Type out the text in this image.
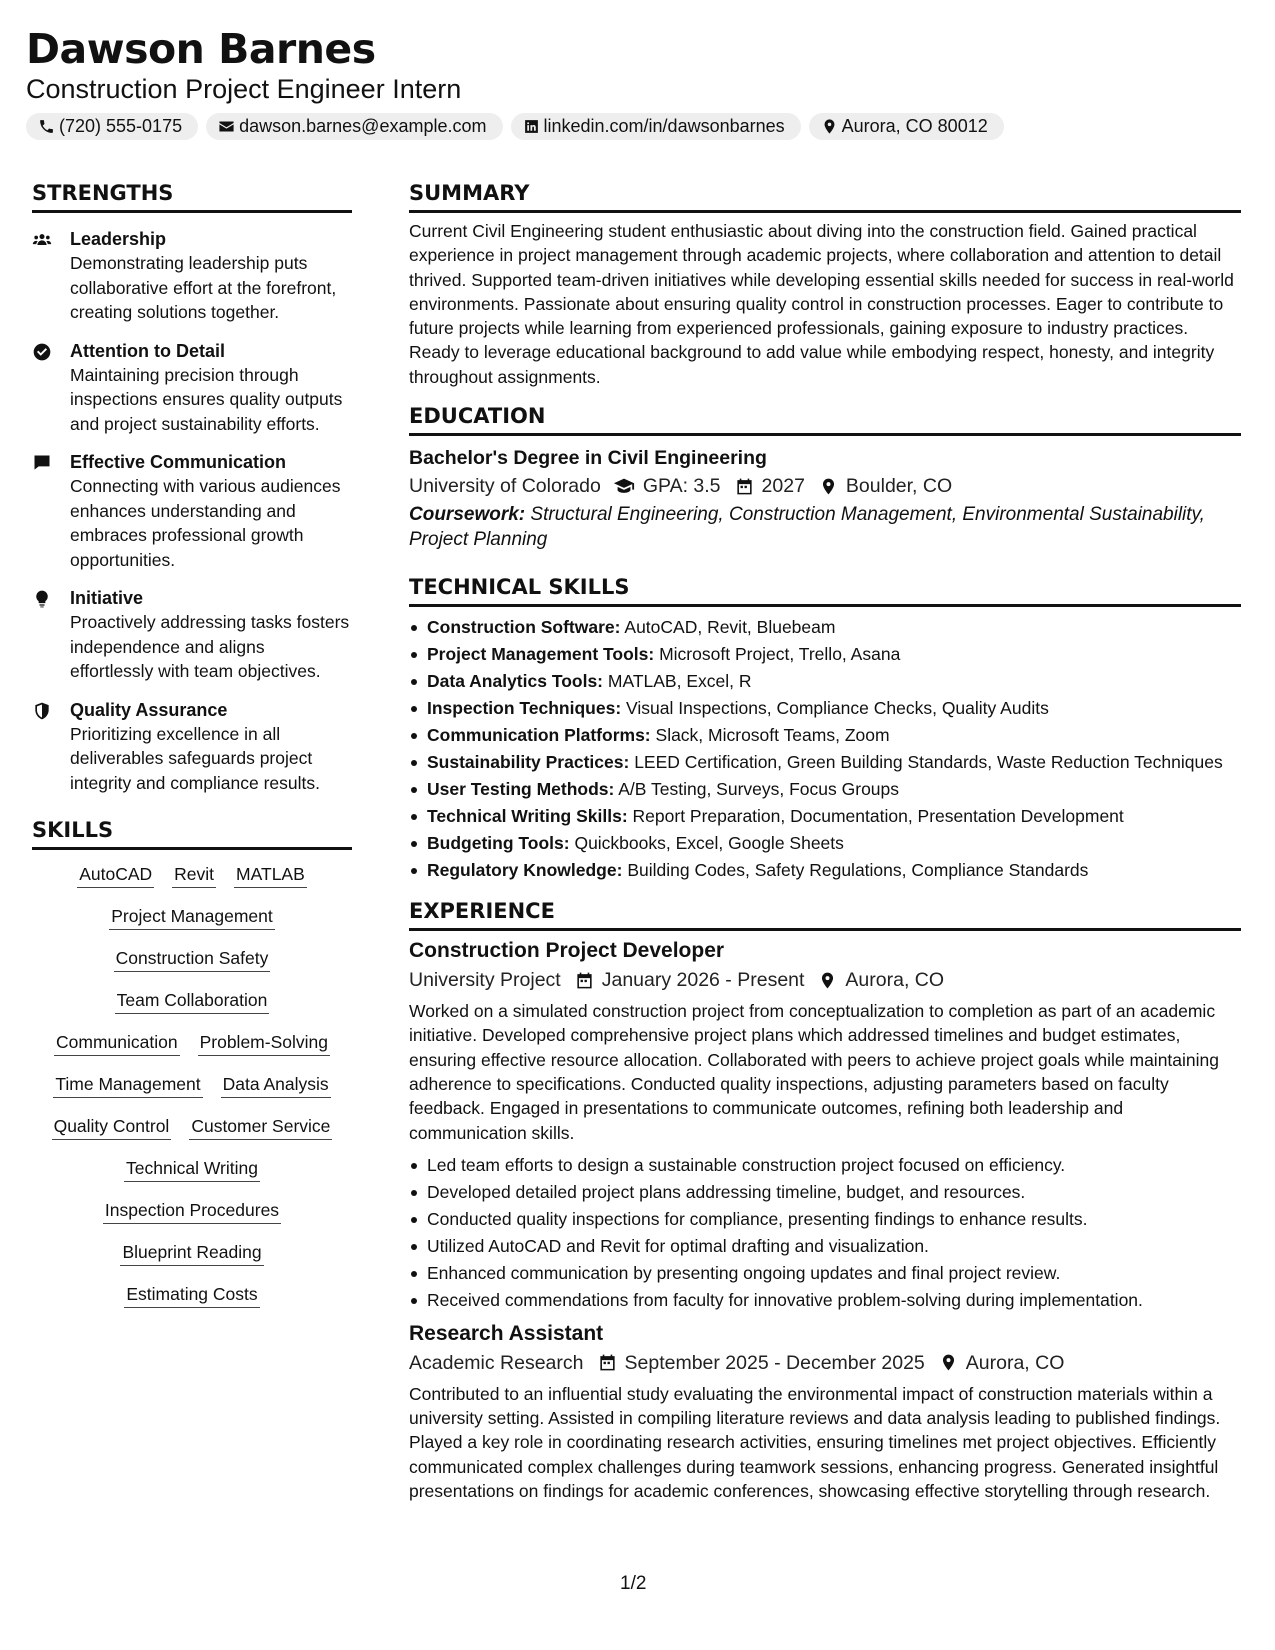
Dawson Barnes
Construction Project Engineer Intern
(720) 555-0175	dawson.barnes@example.com	linkedin.com/in/dawsonbarnes	Aurora, CO 80012
STRENGTHS
Leadership
Demonstrating leadership puts collaborative effort at the forefront, creating solutions together.
Attention to Detail
Maintaining precision through inspections ensures quality outputs and project sustainability efforts.
Effective Communication
Connecting with various audiences enhances understanding and embraces professional growth opportunities.
Initiative
Proactively addressing tasks fosters independence and aligns effortlessly with team objectives.
Quality Assurance
Prioritizing excellence in all deliverables safeguards project integrity and compliance results.
SKILLS
AutoCAD Revit MATLAB
Project Management
Construction Safety
Team Collaboration
Communication Problem-Solving
Time Management Data Analysis
Quality Control Customer Service
Technical Writing
Inspection Procedures
Blueprint Reading
Estimating Costs
SUMMARY
Current Civil Engineering student enthusiastic about diving into the construction field. Gained practical experience in project management through academic projects, where collaboration and attention to detail thrived. Supported team-driven initiatives while developing essential skills needed for success in real-world environments. Passionate about ensuring quality control in construction processes. Eager to contribute to future projects while learning from experienced professionals, gaining exposure to industry practices. Ready to leverage educational background to add value while embodying respect, honesty, and integrity throughout assignments.
EDUCATION
Bachelor's Degree in Civil Engineering
University of Colorado GPA: 3.5 2027 Boulder, CO
Coursework: Structural Engineering, Construction Management, Environmental Sustainability, Project Planning
TECHNICAL SKILLS
Construction Software: AutoCAD, Revit, Bluebeam
Project Management Tools: Microsoft Project, Trello, Asana
Data Analytics Tools: MATLAB, Excel, R
Inspection Techniques: Visual Inspections, Compliance Checks, Quality Audits
Communication Platforms: Slack, Microsoft Teams, Zoom
Sustainability Practices: LEED Certification, Green Building Standards, Waste Reduction Techniques
User Testing Methods: A/B Testing, Surveys, Focus Groups
Technical Writing Skills: Report Preparation, Documentation, Presentation Development
Budgeting Tools: Quickbooks, Excel, Google Sheets
Regulatory Knowledge: Building Codes, Safety Regulations, Compliance Standards
EXPERIENCE
Construction Project Developer
University Project January 2026 - Present Aurora, CO
Worked on a simulated construction project from conceptualization to completion as part of an academic initiative. Developed comprehensive project plans which addressed timelines and budget estimates, ensuring effective resource allocation. Collaborated with peers to achieve project goals while maintaining adherence to specifications. Conducted quality inspections, adjusting parameters based on faculty feedback. Engaged in presentations to communicate outcomes, refining both leadership and communication skills.
Led team efforts to design a sustainable construction project focused on efficiency.
Developed detailed project plans addressing timeline, budget, and resources.
Conducted quality inspections for compliance, presenting findings to enhance results.
Utilized AutoCAD and Revit for optimal drafting and visualization.
Enhanced communication by presenting ongoing updates and final project review.
Received commendations from faculty for innovative problem-solving during implementation.
Research Assistant
Academic Research September 2025 - December 2025 Aurora, CO
Contributed to an influential study evaluating the environmental impact of construction materials within a university setting. Assisted in compiling literature reviews and data analysis leading to published findings. Played a key role in coordinating research activities, ensuring timelines met project objectives. Efficiently communicated complex challenges during teamwork sessions, enhancing progress. Generated insightful presentations on findings for academic conferences, showcasing effective storytelling through research.
1/2
